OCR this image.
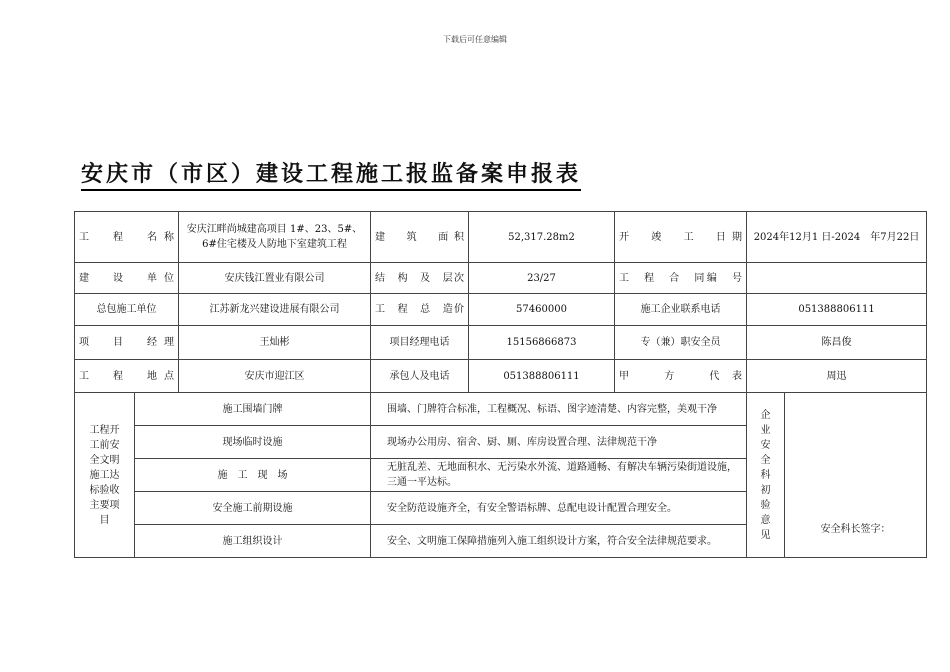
下载后可任意编辑
安庆市（市区）建设工程施工报监备案申报表
工　程　名称		安庆江畔尚城建高项目 1#、23、5#、6#住宅楼及人防地下室建筑工程	建　筑　面积	52,317.28m2	开　竣　工　日期	2024年12月1 日-2024　年7月22日	
建　设　单位		安庆钱江置业有限公司	结　构　及　层次	23/27	工　程　合　同编　号		
总包施工单位		江苏新龙兴建设进展有限公司	工　程　总　造价	57460000	施工企业联系电话	051388806111	
项　目　经理		王灿彬	项目经理电话	15156866873	专（兼）职安全员	陈昌俊	
工　程　地点		安庆市迎江区	承包人及电话	051388806111	甲　方　代表	周迅	
工程开工前安全文明施工达标验收主要项目	施工围墙门牌		围墙、门牌符合标准，工程概况、标语、图字迹清楚、内容完整，美观干净			企业安全科初验意见	安全科长签字：
	现场临时设施		现场办公用房、宿舍、厨、厕、库房设置合理、法律规范干净				
	施　工　现　场		无脏乱差、无地面积水、无污染水外流、道路通畅、有解决车辆污染街道设施，三通一平达标。				
	安全施工前期设施		安全防范设施齐全，有安全警语标牌、总配电设计配置合理安全。				
	施工组织设计		安全、文明施工保障措施列入施工组织设计方案，符合安全法律规范要求。				
